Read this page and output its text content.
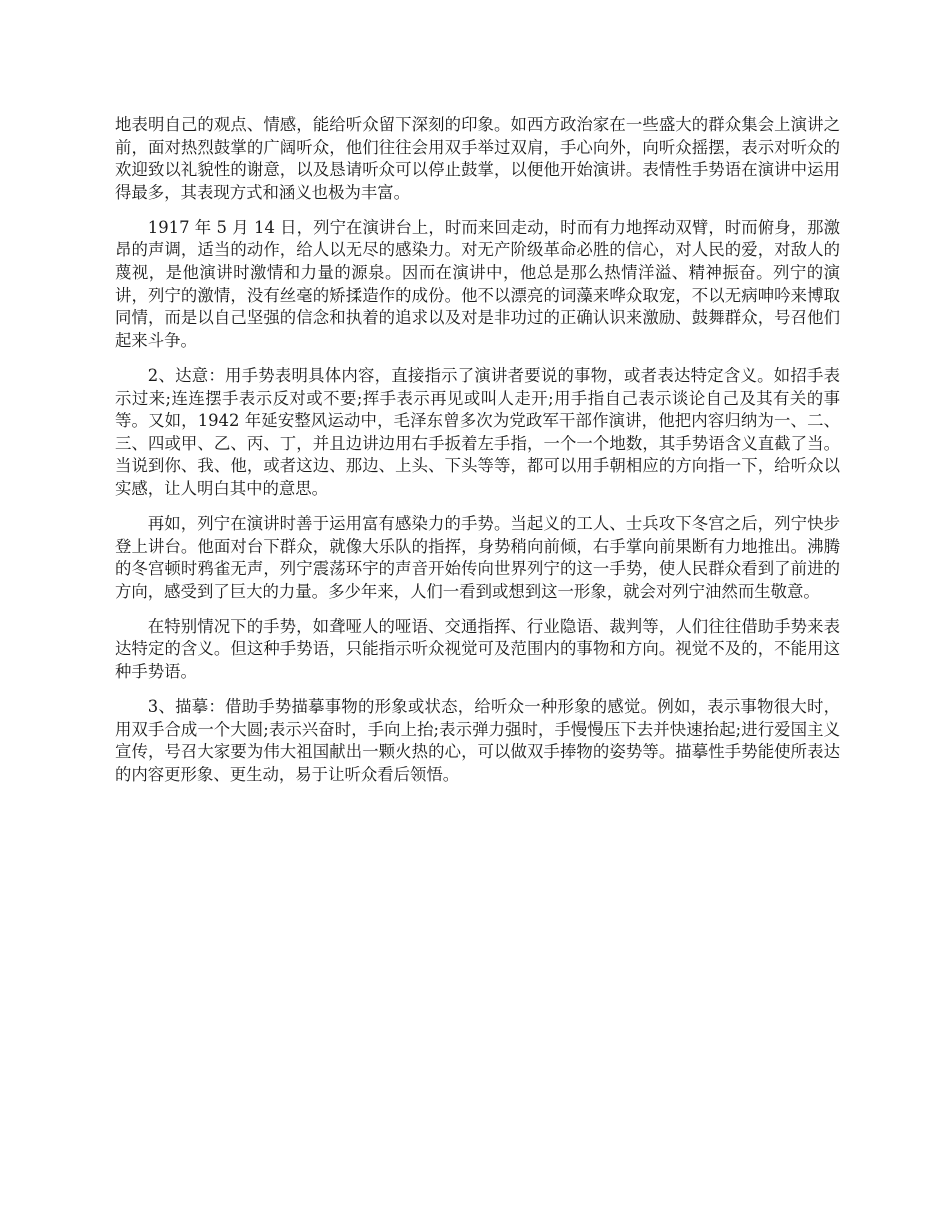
地表明自己的观点、情感，能给听众留下深刻的印象。如西方政治家在一些盛大的群众集会上演讲之前，面对热烈鼓掌的广阔听众，他们往往会用双手举过双肩，手心向外，向听众摇摆，表示对听众的欢迎致以礼貌性的谢意，以及恳请听众可以停止鼓掌，以便他开始演讲。表情性手势语在演讲中运用得最多，其表现方式和涵义也极为丰富。

1917 年 5 月 14 日，列宁在演讲台上，时而来回走动，时而有力地挥动双臂，时而俯身，那激昂的声调，适当的动作，给人以无尽的感染力。对无产阶级革命必胜的信心，对人民的爱，对敌人的蔑视，是他演讲时激情和力量的源泉。因而在演讲中，他总是那么热情洋溢、精神振奋。列宁的演讲，列宁的激情，没有丝毫的矫揉造作的成份。他不以漂亮的词藻来哗众取宠，不以无病呻吟来博取同情，而是以自己坚强的信念和执着的追求以及对是非功过的正确认识来激励、鼓舞群众，号召他们起来斗争。

2、达意：用手势表明具体内容，直接指示了演讲者要说的事物，或者表达特定含义。如招手表示过来;连连摆手表示反对或不要;挥手表示再见或叫人走开;用手指自己表示谈论自己及其有关的事等。又如，1942 年延安整风运动中，毛泽东曾多次为党政军干部作演讲，他把内容归纳为一、二、三、四或甲、乙、丙、丁，并且边讲边用右手扳着左手指，一个一个地数，其手势语含义直截了当。当说到你、我、他，或者这边、那边、上头、下头等等，都可以用手朝相应的方向指一下，给听众以实感，让人明白其中的意思。

再如，列宁在演讲时善于运用富有感染力的手势。当起义的工人、士兵攻下冬宫之后，列宁快步登上讲台。他面对台下群众，就像大乐队的指挥，身势稍向前倾，右手掌向前果断有力地推出。沸腾的冬宫顿时鸦雀无声，列宁震荡环宇的声音开始传向世界列宁的这一手势，使人民群众看到了前进的方向，感受到了巨大的力量。多少年来，人们一看到或想到这一形象，就会对列宁油然而生敬意。

在特别情况下的手势，如聋哑人的哑语、交通指挥、行业隐语、裁判等，人们往往借助手势来表达特定的含义。但这种手势语，只能指示听众视觉可及范围内的事物和方向。视觉不及的，不能用这种手势语。

3、描摹：借助手势描摹事物的形象或状态，给听众一种形象的感觉。例如，表示事物很大时，用双手合成一个大圆;表示兴奋时，手向上抬;表示弹力强时，手慢慢压下去并快速抬起;进行爱国主义宣传，号召大家要为伟大祖国献出一颗火热的心，可以做双手捧物的姿势等。描摹性手势能使所表达的内容更形象、更生动，易于让听众看后领悟。
